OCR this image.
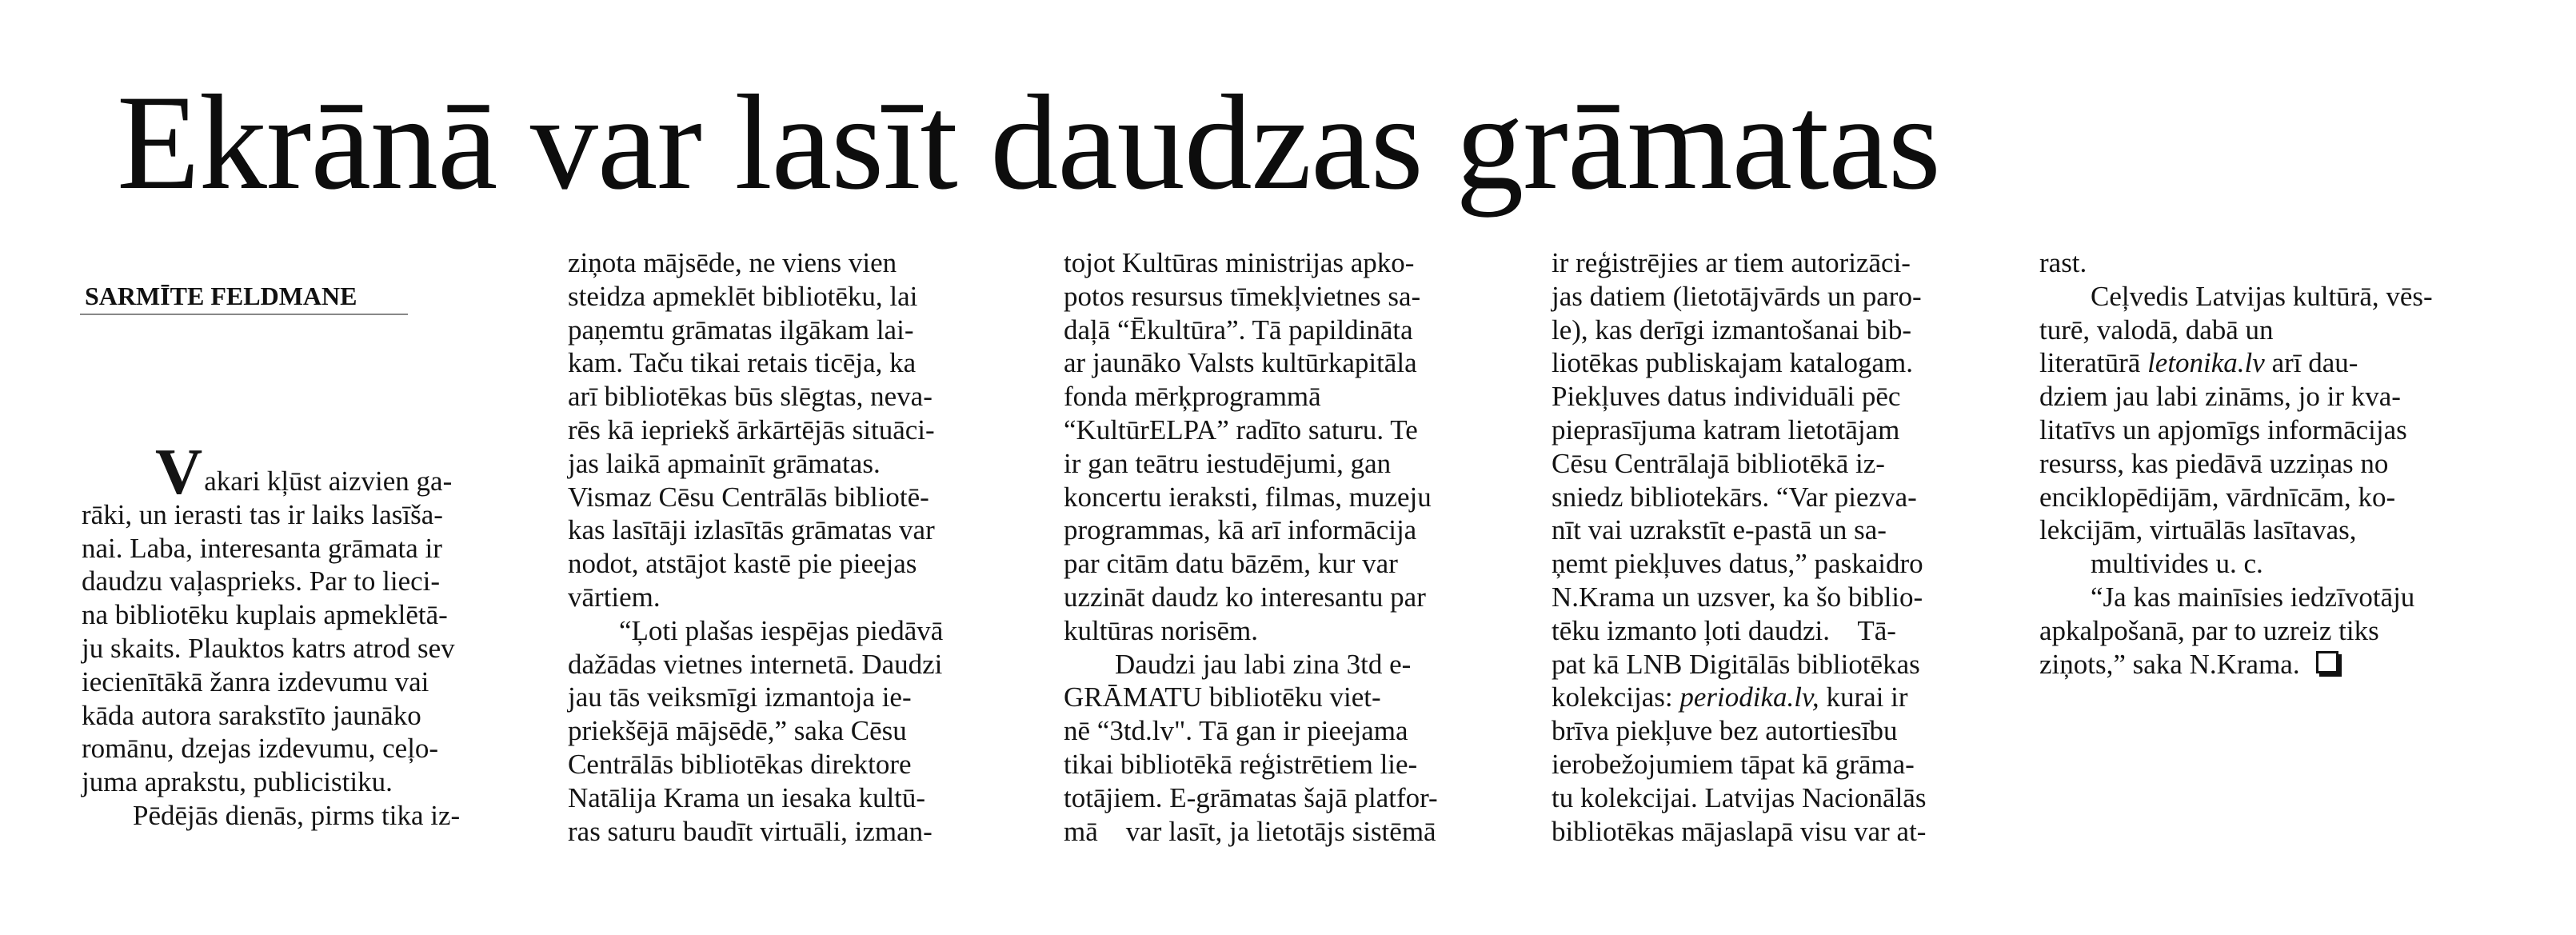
Ekrānā var lasīt daudzas grāmatas
SARMĪTE FELDMANE

Vakari kļūst aizvien ga-

rāki, un ierasti tas ir laiks lasīša-

nai. Laba, interesanta grāmata ir

daudzu vaļasprieks. Par to lieci-

na bibliotēku kuplais apmeklētā-

ju skaits. Plauktos katrs atrod sev

iecienītākā žanra izdevumu vai

kāda autora sarakstīto jaunāko

romānu, dzejas izdevumu, ceļo-

juma aprakstu, publicistiku.

Pēdējās dienās, pirms tika iz-

ziņota mājsēde, ne viens vien

steidza apmeklēt bibliotēku, lai

paņemtu grāmatas ilgākam lai-

kam. Taču tikai retais ticēja, ka

arī bibliotēkas būs slēgtas, neva-

rēs kā iepriekš ārkārtējās situāci-

jas laikā apmainīt grāmatas.

Vismaz Cēsu Centrālās bibliotē-

kas lasītāji izlasītās grāmatas var

nodot, atstājot kastē pie pieejas

vārtiem.

“Ļoti plašas iespējas piedāvā

dažādas vietnes internetā. Daudzi

jau tās veiksmīgi izmantoja ie-

priekšējā mājsēdē,” saka Cēsu

Centrālās bibliotēkas direktore

Natālija Krama un iesaka kultū-

ras saturu baudīt virtuāli, izman-

tojot Kultūras ministrijas apko-

potos resursus tīmekļvietnes sa-

daļā “Ēkultūra”. Tā papildināta

ar jaunāko Valsts kultūrkapitāla

fonda mērķprogrammā

“KultūrELPA” radīto saturu. Te

ir gan teātru iestudējumi, gan

koncertu ieraksti, filmas, muzeju

programmas, kā arī informācija

par citām datu bāzēm, kur var

uzzināt daudz ko interesantu par

kultūras norisēm.

Daudzi jau labi zina 3td e-

GRĀMATU bibliotēku viet-

nē “3td.lv". Tā gan ir pieejama

tikai bibliotēkā reģistrētiem lie-

totājiem. E-grāmatas šajā platfor-

mā    var lasīt, ja lietotājs sistēmā

ir reģistrējies ar tiem autorizāci-

jas datiem (lietotājvārds un paro-

le), kas derīgi izmantošanai bib-

liotēkas publiskajam katalogam.

Piekļuves datus individuāli pēc

pieprasījuma katram lietotājam

Cēsu Centrālajā bibliotēkā iz-

sniedz bibliotekārs. “Var piezva-

nīt vai uzrakstīt e-pastā un sa-

ņemt piekļuves datus,” paskaidro

N.Krama un uzsver, ka šo biblio-

tēku izmanto ļoti daudzi.    Tā-

pat kā LNB Digitālās bibliotēkas

kolekcijas: periodika.lv, kurai ir

brīva piekļuve bez autortiesību

ierobežojumiem tāpat kā grāma-

tu kolekcijai. Latvijas Nacionālās

bibliotēkas mājaslapā visu var at-

rast.

Ceļvedis Latvijas kultūrā, vēs-

turē, valodā, dabā un

literatūrā letonika.lv arī dau-

dziem jau labi zināms, jo ir kva-

litatīvs un apjomīgs informācijas

resurss, kas piedāvā uzziņas no

enciklopēdijām, vārdnīcām, ko-

lekcijām, virtuālās lasītavas,

multivides u. c.

“Ja kas mainīsies iedzīvotāju

apkalpošanā, par to uzreiz tiks

ziņots,” saka N.Krama.
